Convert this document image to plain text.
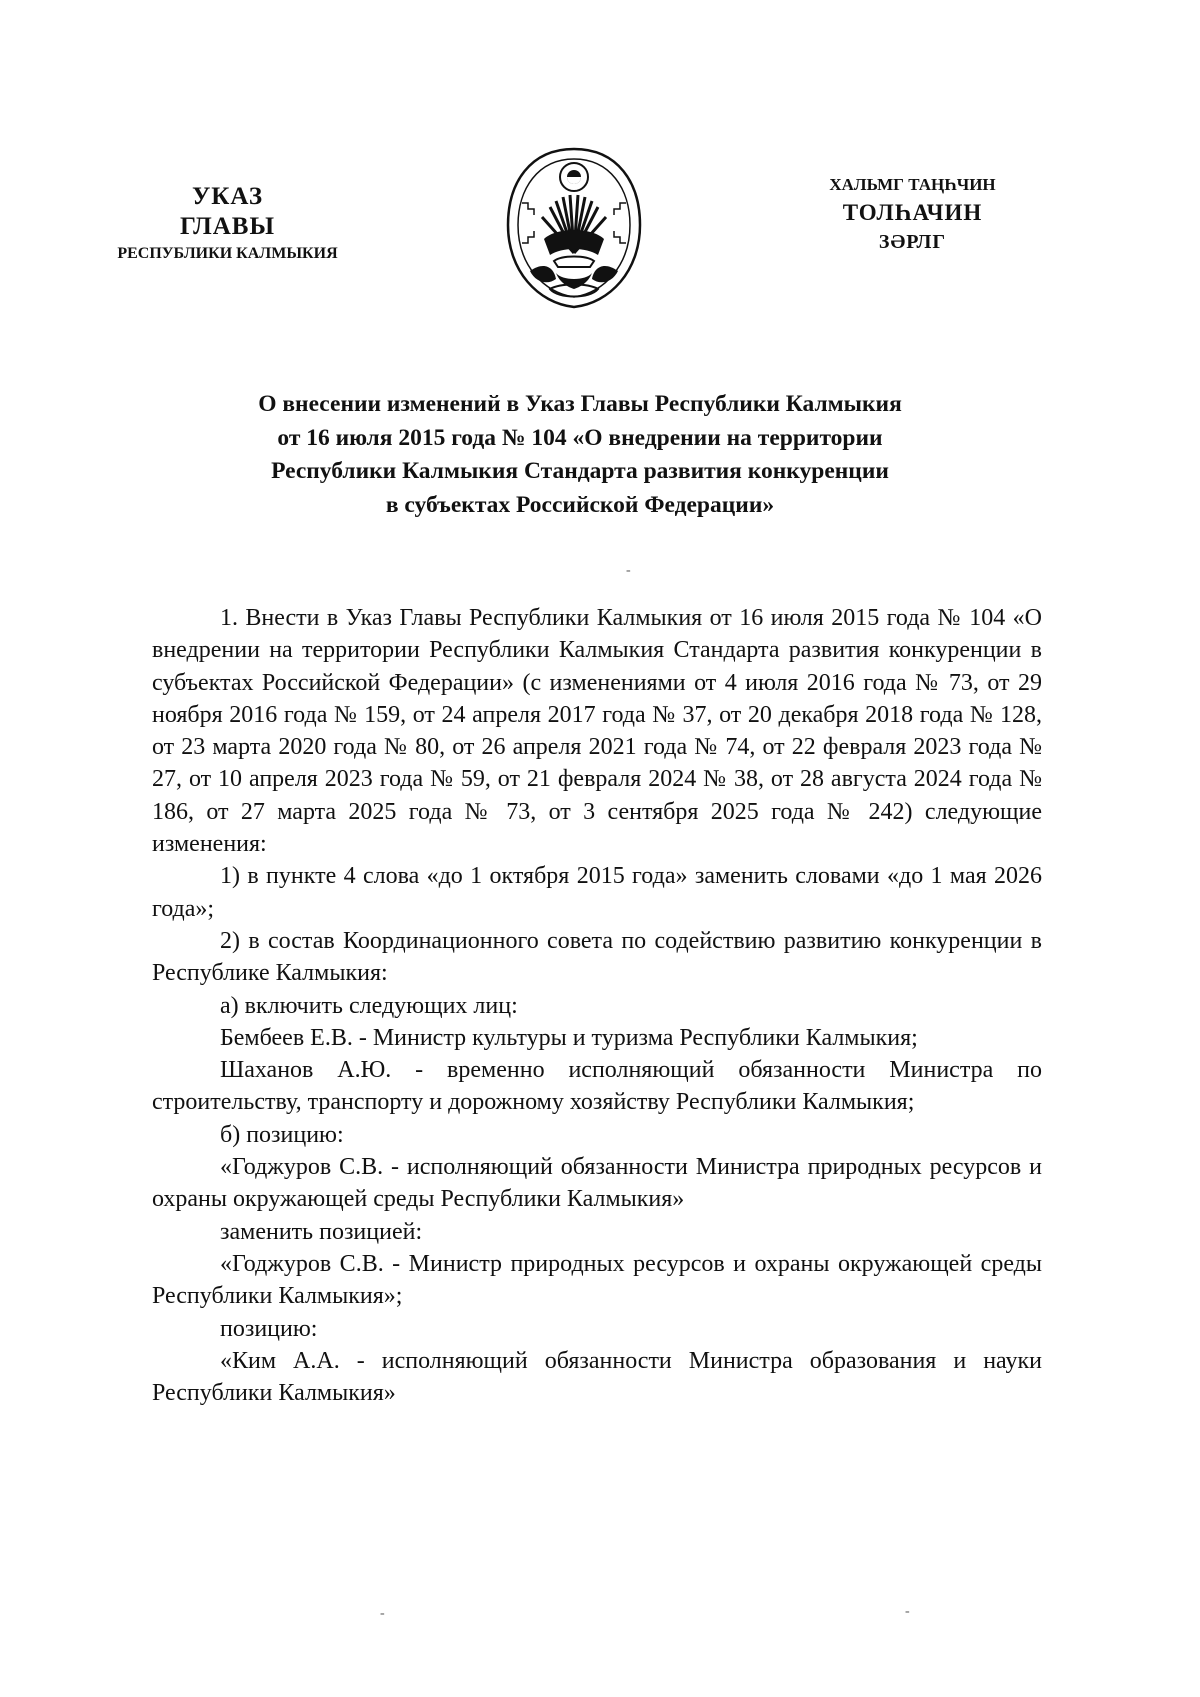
УКАЗ
ГЛАВЫ
РЕСПУБЛИКИ КАЛМЫКИЯ
ХАЛЬМГ ТАҢҺЧИН
ТОЛҺАЧИН
ЗӘРЛГ
О внесении изменений в Указ Главы Республики Калмыкия
от 16 июля 2015 года № 104 «О внедрении на территории
Республики Калмыкия Стандарта развития конкуренции
в субъектах Российской Федерации»

1. Внести в Указ Главы Республики Калмыкия от 16 июля 2015 года № 104 «О внедрении на территории Республики Калмыкия Стандарта развития конкуренции в субъектах Российской Федерации» (с изменениями от 4 июля 2016 года № 73, от 29 ноября 2016 года № 159, от 24 апреля 2017 года № 37, от 20 декабря 2018 года № 128, от 23 марта 2020 года № 80, от 26 апреля 2021 года № 74, от 22 февраля 2023 года № 27, от 10 апреля 2023 года № 59, от 21 февраля 2024 № 38, от 28 августа 2024 года № 186, от 27 марта 2025 года № 73, от 3 сентября 2025 года № 242) следующие изменения:

1) в пункте 4 слова «до 1 октября 2015 года» заменить словами «до 1 мая 2026 года»;

2) в состав Координационного совета по содействию развитию конкуренции в Республике Калмыкия:

а) включить следующих лиц:

Бембеев Е.В. - Министр культуры и туризма Республики Калмыкия;

Шаханов А.Ю. - временно исполняющий обязанности Министра по строительству, транспорту и дорожному хозяйству Республики Калмыкия;

б) позицию:

«Годжуров С.В. - исполняющий обязанности Министра природных ресурсов и охраны окружающей среды Республики Калмыкия»

заменить позицией:

«Годжуров С.В. - Министр природных ресурсов и охраны окружающей среды Республики Калмыкия»;

позицию:

«Ким А.А. - исполняющий обязанности Министра образования и науки Республики Калмыкия»

-
-	-
